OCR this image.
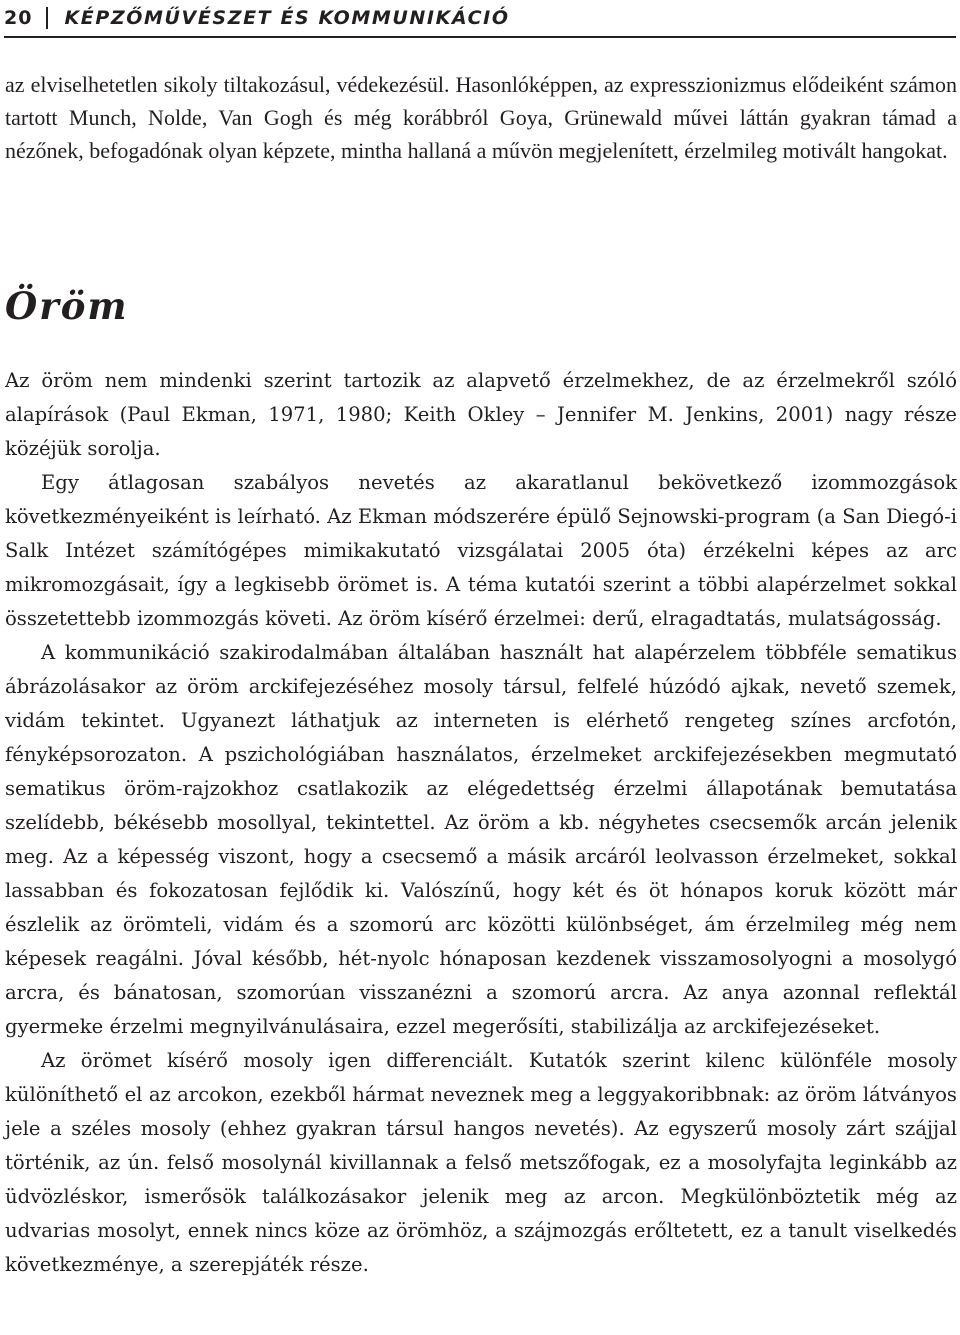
20	KÉPZŐMŰVÉSZET ÉS KOMMUNIKÁCIÓ

az elviselhetetlen sikoly tiltakozásul, védekezésül. Hasonlóképpen, az expresszionizmus elődeiként számon tartott Munch, Nolde, Van Gogh és még korábbról Goya, Grünewald művei láttán gyakran támad a nézőnek, befogadónak olyan képzete, mintha hallaná a művön megjelenített, érzelmileg motivált hangokat.

Öröm

Az öröm nem mindenki szerint tartozik az alapvető érzelmekhez, de az érzelmekről szóló alapírások (Paul Ekman, 1971, 1980; Keith Okley – Jennifer M. Jenkins, 2001) nagy része közéjük sorolja.

Egy átlagosan szabályos nevetés az akaratlanul bekövetkező izommozgások következményeiként is leírható. Az Ekman módszerére épülő Sejnowski-program (a San Diegó-i Salk Intézet számítógépes mimikakutató vizsgálatai 2005 óta) érzékelni képes az arc mikromozgásait, így a legkisebb örömet is. A téma kutatói szerint a többi alapérzelmet sokkal összetettebb izommozgás követi. Az öröm kísérő érzelmei: derű, elragadtatás, mulatságosság.

A kommunikáció szakirodalmában általában használt hat alapérzelem többféle sematikus ábrázolásakor az öröm arckifejezéséhez mosoly társul, felfelé húzódó ajkak, nevető szemek, vidám tekintet. Ugyanezt láthatjuk az interneten is elérhető rengeteg színes arcfotón, fényképsorozaton. A pszichológiában használatos, érzelmeket arckifejezésekben megmutató sematikus öröm-rajzokhoz csatlakozik az elégedettség érzelmi állapotának bemutatása szelídebb, békésebb mosollyal, tekintettel. Az öröm a kb. négyhetes csecsemők arcán jelenik meg. Az a képesség viszont, hogy a csecsemő a másik arcáról leolvasson érzelmeket, sokkal lassabban és fokozatosan fejlődik ki. Valószínű, hogy két és öt hónapos koruk között már észlelik az örömteli, vidám és a szomorú arc közötti különbséget, ám érzelmileg még nem képesek reagálni. Jóval később, hét-nyolc hónaposan kezdenek visszamosolyogni a mosolygó arcra, és bánatosan, szomorúan visszanézni a szomorú arcra. Az anya azonnal reflektál gyermeke érzelmi megnyilvánulásaira, ezzel megerősíti, stabilizálja az arckifejezéseket.

Az örömet kísérő mosoly igen differenciált. Kutatók szerint kilenc különféle mosoly különíthető el az arcokon, ezekből hármat neveznek meg a leggyakoribbnak: az öröm látványos jele a széles mosoly (ehhez gyakran társul hangos nevetés). Az egyszerű mosoly zárt szájjal történik, az ún. felső mosolynál kivillannak a felső metszőfogak, ez a mosolyfajta leginkább az üdvözléskor, ismerősök találkozásakor jelenik meg az arcon. Megkülönböztetik még az udvarias mosolyt, ennek nincs köze az örömhöz, a szájmozgás erőltetett, ez a tanult viselkedés következménye, a szerepjáték része.
